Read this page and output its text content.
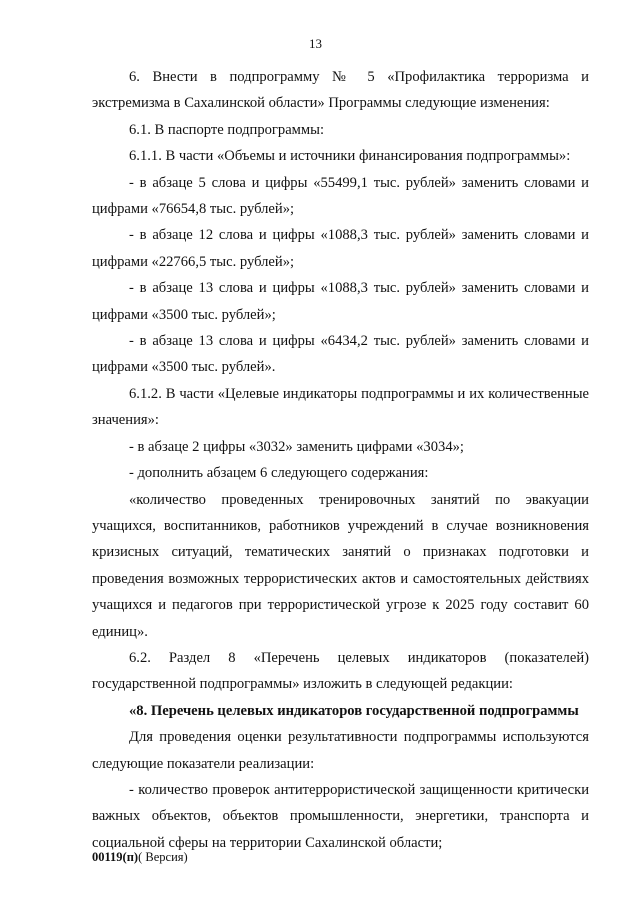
13

6. Внести в подпрограмму № 5 «Профилактика терроризма и экстремизма в Сахалинской области» Программы следующие изменения:

6.1. В паспорте подпрограммы:

6.1.1. В части «Объемы и источники финансирования подпрограммы»:

- в абзаце 5 слова и цифры «55499,1 тыс. рублей» заменить словами и цифрами «76654,8 тыс. рублей»;

- в абзаце 12 слова и цифры «1088,3 тыс. рублей» заменить словами и цифрами «22766,5 тыс. рублей»;

- в абзаце 13 слова и цифры «1088,3 тыс. рублей» заменить словами и цифрами «3500 тыс. рублей»;

- в абзаце 13 слова и цифры «6434,2 тыс. рублей» заменить словами и цифрами «3500 тыс. рублей».

6.1.2. В части «Целевые индикаторы подпрограммы и их количественные значения»:

- в абзаце 2 цифры «3032» заменить цифрами «3034»;

- дополнить абзацем 6 следующего содержания:

«количество проведенных тренировочных занятий по эвакуации учащихся, воспитанников, работников учреждений в случае возникновения кризисных ситуаций, тематических занятий о признаках подготовки и проведения возможных террористических актов и самостоятельных действиях учащихся и педагогов при террористической угрозе к 2025 году составит 60 единиц».

6.2. Раздел 8 «Перечень целевых индикаторов (показателей) государственной подпрограммы» изложить в следующей редакции:

«8. Перечень целевых индикаторов государственной подпрограммы

Для проведения оценки результативности подпрограммы используются следующие показатели реализации:

- количество проверок антитеррористической защищенности критически важных объектов, объектов промышленности, энергетики, транспорта и социальной сферы на территории Сахалинской области;

00119(п)( Версия)
